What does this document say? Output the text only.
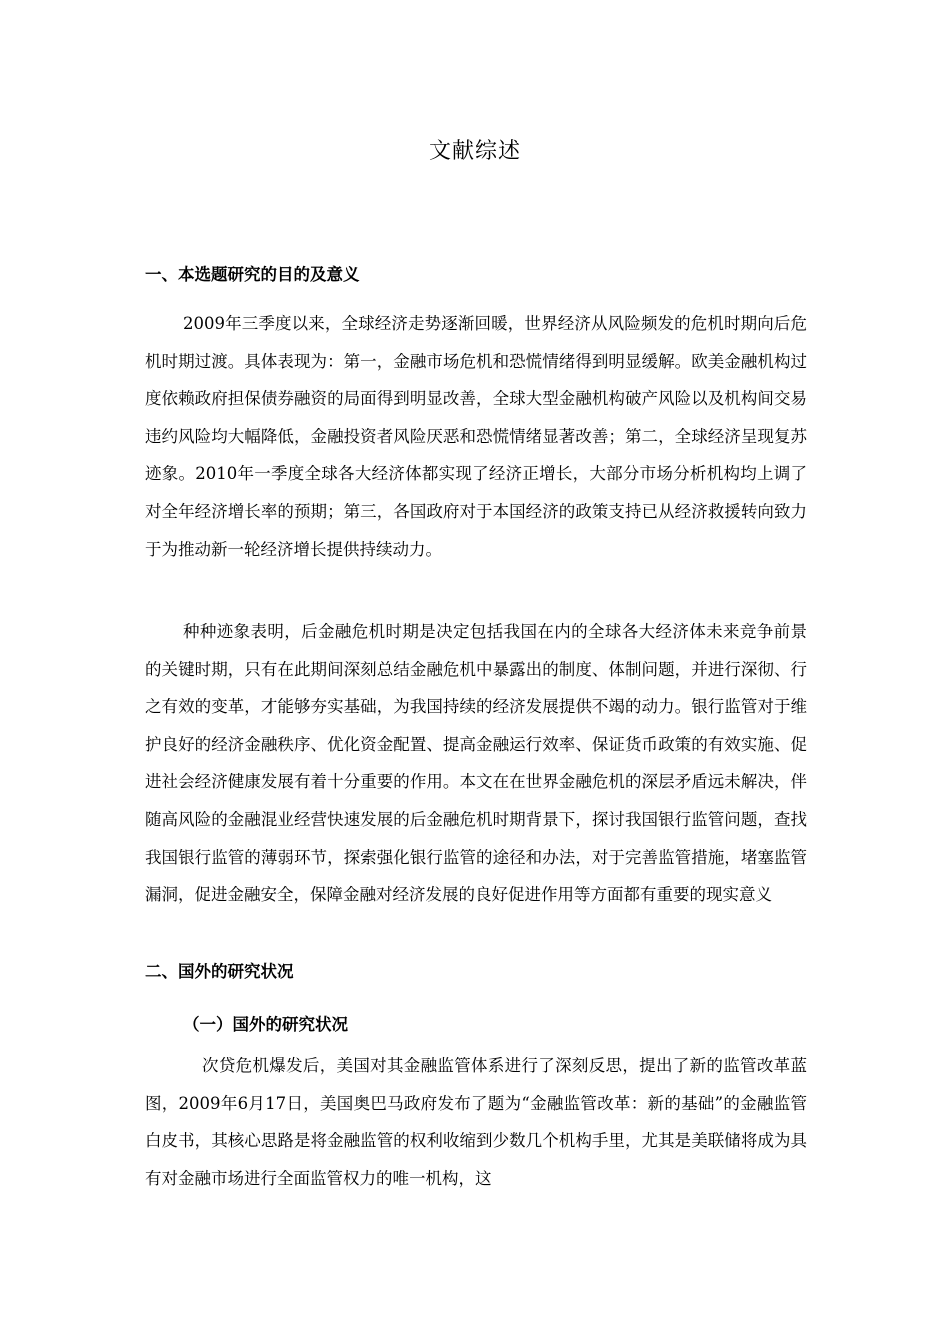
文献综述
一、本选题研究的目的及意义

2009年三季度以来，全球经济走势逐渐回暖，世界经济从风险频发的危机时期向后危机时期过渡。具体表现为：第一，金融市场危机和恐慌情绪得到明显缓解。欧美金融机构过度依赖政府担保债券融资的局面得到明显改善，全球大型金融机构破产风险以及机构间交易违约风险均大幅降低，金融投资者风险厌恶和恐慌情绪显著改善；第二，全球经济呈现复苏迹象。2010年一季度全球各大经济体都实现了经济正增长，大部分市场分析机构均上调了对全年经济增长率的预期；第三，各国政府对于本国经济的政策支持已从经济救援转向致力于为推动新一轮经济增长提供持续动力。

种种迹象表明，后金融危机时期是决定包括我国在内的全球各大经济体未来竞争前景的关键时期，只有在此期间深刻总结金融危机中暴露出的制度、体制问题，并进行深彻、行之有效的变革，才能够夯实基础，为我国持续的经济发展提供不竭的动力。银行监管对于维护良好的经济金融秩序、优化资金配置、提高金融运行效率、保证货币政策的有效实施、促进社会经济健康发展有着十分重要的作用。本文在在世界金融危机的深层矛盾远未解决，伴随高风险的金融混业经营快速发展的后金融危机时期背景下，探讨我国银行监管问题，查找我国银行监管的薄弱环节，探索强化银行监管的途径和办法，对于完善监管措施，堵塞监管漏洞，促进金融安全，保障金融对经济发展的良好促进作用等方面都有重要的现实意义

二、国外的研究状况
（一）国外的研究状况

次贷危机爆发后，美国对其金融监管体系进行了深刻反思，提出了新的监管改革蓝图，2009年6月17日，美国奥巴马政府发布了题为“金融监管改革：新的基础”的金融监管白皮书，其核心思路是将金融监管的权利收缩到少数几个机构手里，尤其是美联储将成为具有对金融市场进行全面监管权力的唯一机构，这
